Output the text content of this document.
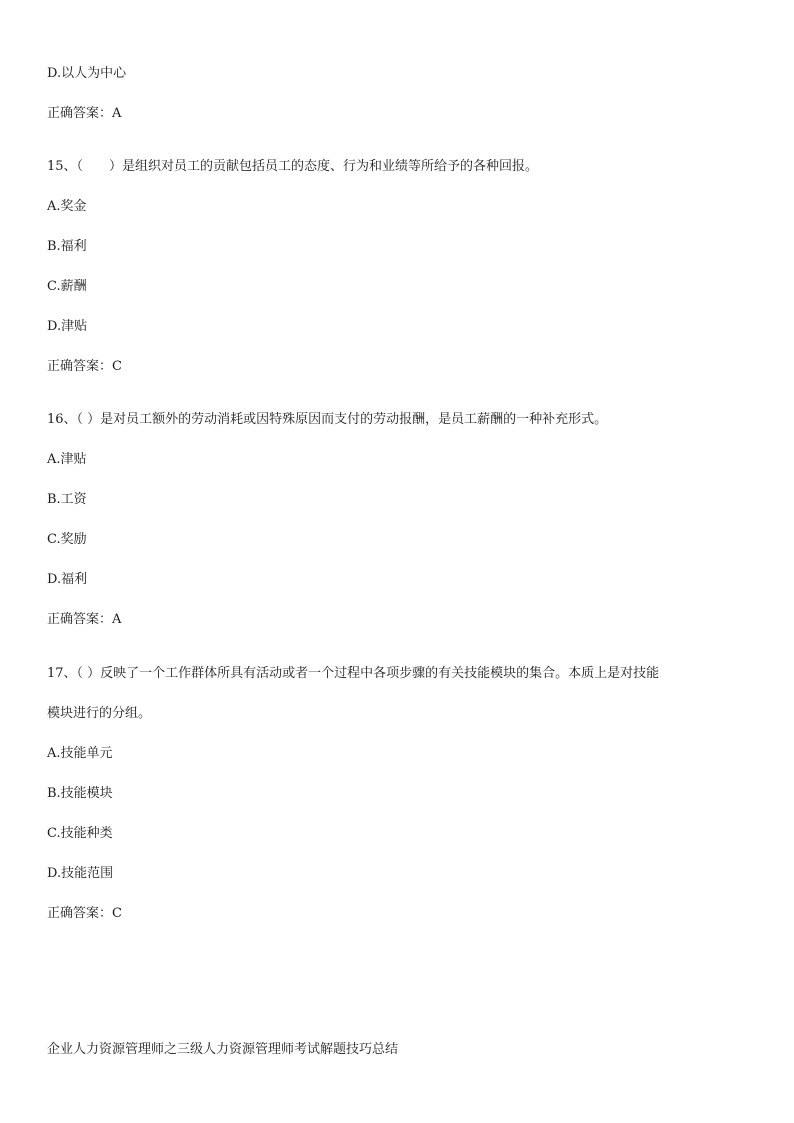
D.以人为中心
正确答案：A
15、（　　）是组织对员工的贡献包括员工的态度、行为和业绩等所给予的各种回报。
A.奖金
B.福利
C.薪酬
D.津贴
正确答案：C
16、（ ）是对员工额外的劳动消耗或因特殊原因而支付的劳动报酬，是员工薪酬的一种补充形式。
A.津贴
B.工资
C.奖励
D.福利
正确答案：A
17、（ ）反映了一个工作群体所具有活动或者一个过程中各项步骤的有关技能模块的集合。本质上是对技能
模块进行的分组。
A.技能单元
B.技能模块
C.技能种类
D.技能范围
正确答案：C
企业人力资源管理师之三级人力资源管理师考试解题技巧总结
